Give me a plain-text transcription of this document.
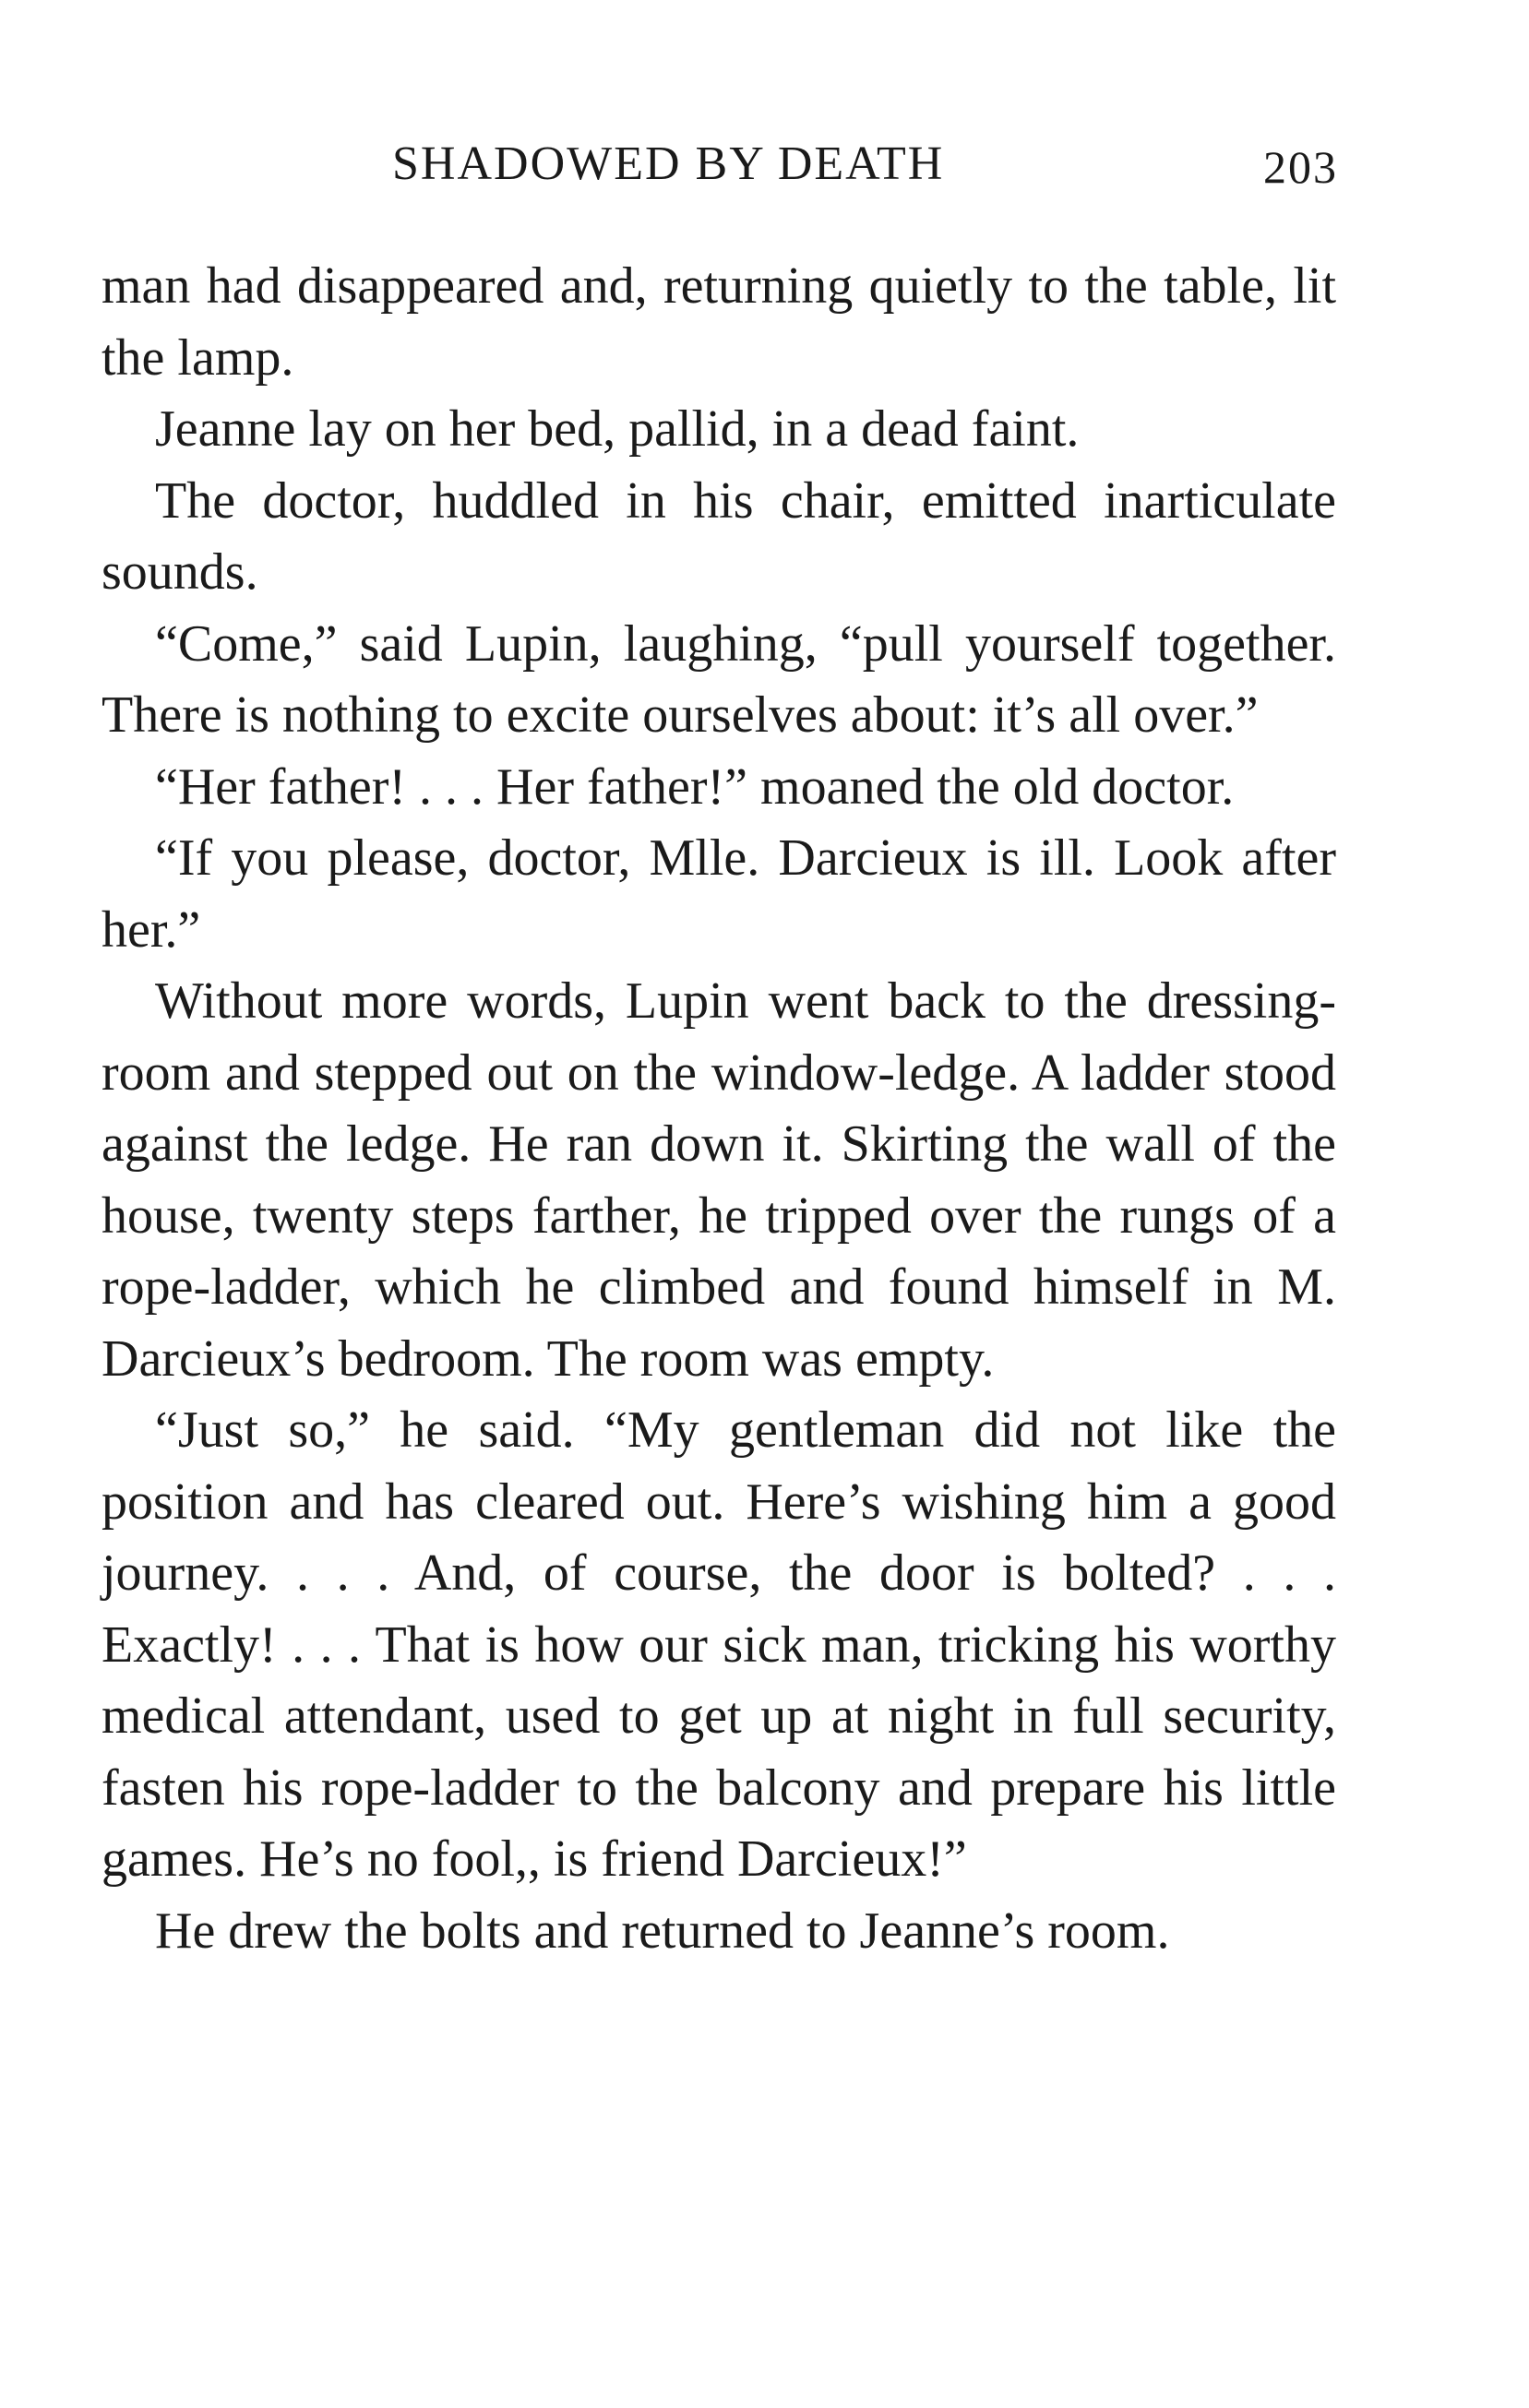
SHADOWED BY DEATH	203

man had disappeared and, returning quietly to the table, lit the lamp.

Jeanne lay on her bed, pallid, in a dead faint.

The doctor, huddled in his chair, emitted inarticulate sounds.

“Come,” said Lupin, laughing, “pull yourself together. There is nothing to excite ourselves about: it’s all over.”

“Her father! . . . Her father!” moaned the old doctor.

“If you please, doctor, Mlle. Darcieux is ill. Look after her.”

Without more words, Lupin went back to the dressing-room and stepped out on the window-ledge. A ladder stood against the ledge. He ran down it. Skirting the wall of the house, twenty steps farther, he tripped over the rungs of a rope-ladder, which he climbed and found himself in M. Darcieux’s bedroom. The room was empty.

“Just so,” he said. “My gentleman did not like the position and has cleared out. Here’s wishing him a good journey. . . . And, of course, the door is bolted? . . . Exactly! . . . That is how our sick man, tricking his worthy medical attendant, used to get up at night in full security, fasten his rope-ladder to the balcony and prepare his little games. He’s no fool,, is friend Darcieux!”

He drew the bolts and returned to Jeanne’s room.
